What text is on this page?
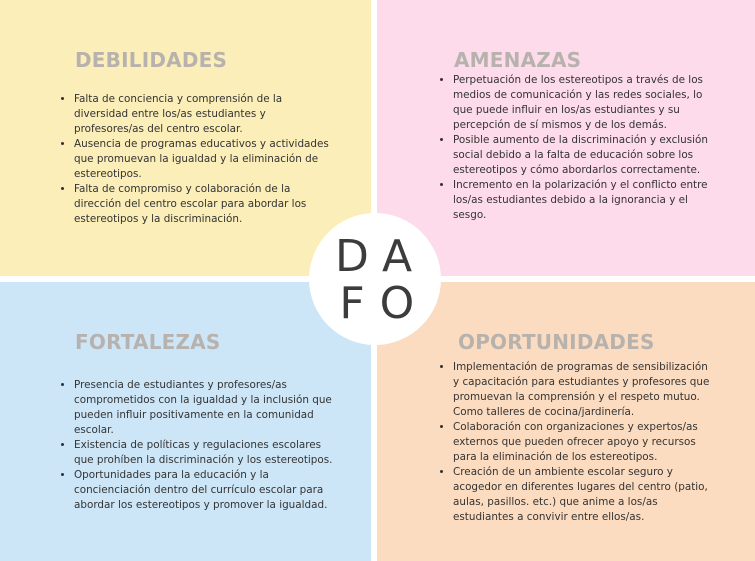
DEBILIDADES
• Falta de conciencia y comprensión de la diversidad entre los/as estudiantes y profesores/as del centro escolar.
• Ausencia de programas educativos y actividades que promuevan la igualdad y la eliminación de estereotipos.
• Falta de compromiso y colaboración de la dirección del centro escolar para abordar los estereotipos y la discriminación.
AMENAZAS
• Perpetuación de los estereotipos a través de los medios de comunicación y las redes sociales, lo que puede influir en los/as estudiantes y su percepción de sí mismos y de los demás.
• Posible aumento de la discriminación y exclusión social debido a la falta de educación sobre los estereotipos y cómo abordarlos correctamente.
• Incremento en la polarización y el conflicto entre los/as estudiantes debido a la ignorancia y el sesgo.
FORTALEZAS
• Presencia de estudiantes y profesores/as comprometidos con la igualdad y la inclusión que pueden influir positivamente en la comunidad escolar.
• Existencia de políticas y regulaciones escolares que prohíben la discriminación y los estereotipos.
• Oportunidades para la educación y la concienciación dentro del currículo escolar para abordar los estereotipos y promover la igualdad.
OPORTUNIDADES
• Implementación de programas de sensibilización y capacitación para estudiantes y profesores que promuevan la comprensión y el respeto mutuo. Como talleres de cocina/jardinería.
• Colaboración con organizaciones y expertos/as externos que pueden ofrecer apoyo y recursos para la eliminación de los estereotipos.
• Creación de un ambiente escolar seguro y acogedor en diferentes lugares del centro (patio, aulas, pasillos. etc.) que anime a los/as estudiantes a convivir entre ellos/as.
D A
F O
